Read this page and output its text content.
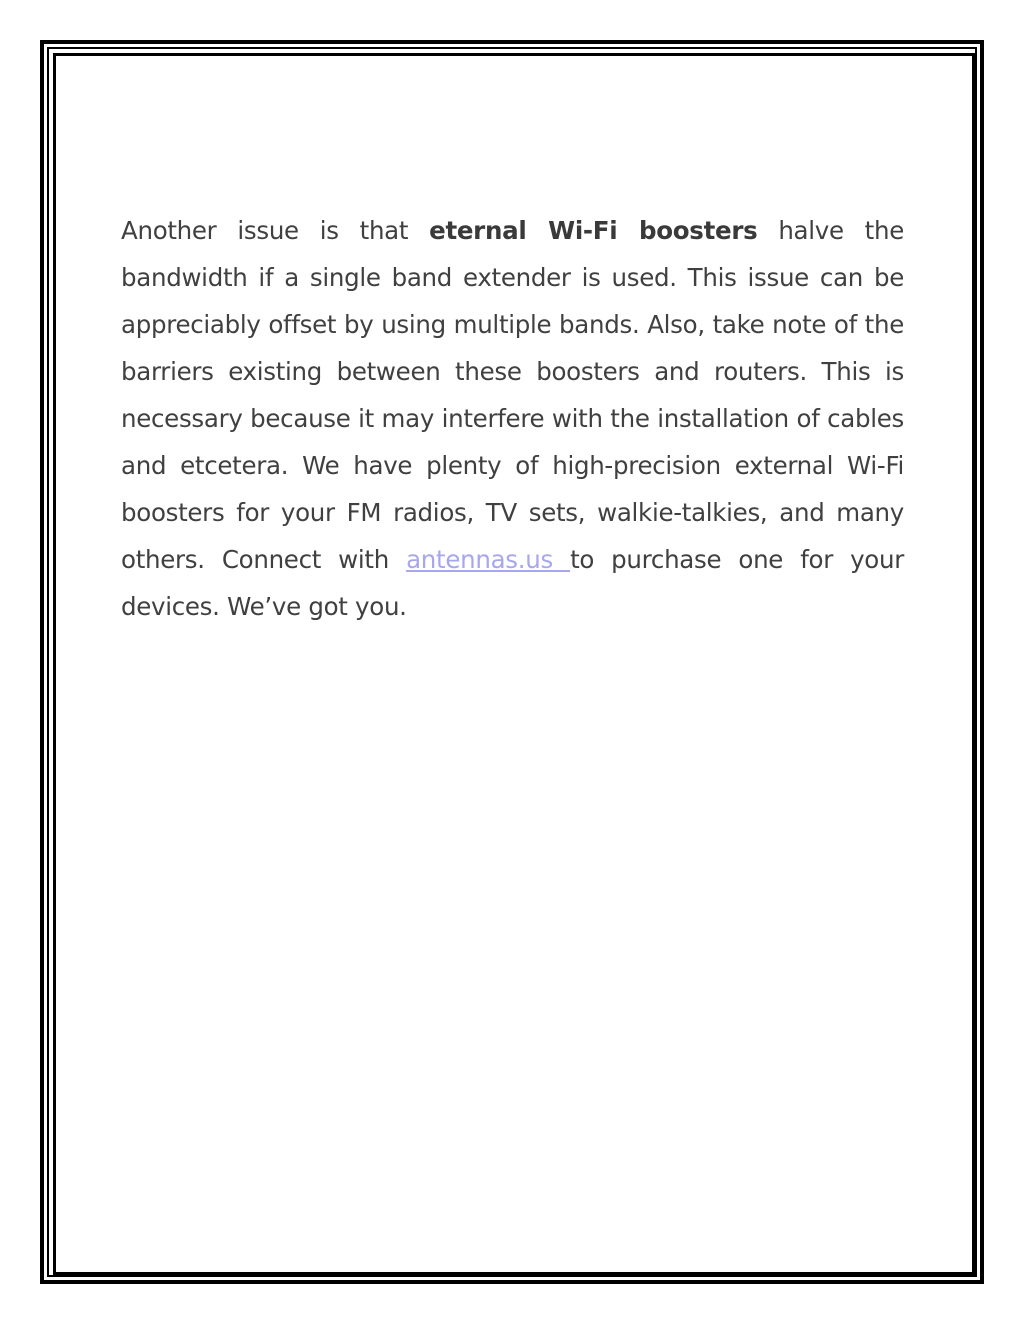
Another issue is that eternal Wi-Fi boosters halve the bandwidth if a single band extender is used. This issue can be appreciably offset by using multiple bands. Also, take note of the barriers existing between these boosters and routers. This is necessary because it may interfere with the installation of cables and etcetera. We have plenty of high-precision external Wi-Fi boosters for your FM radios, TV sets, walkie-talkies, and many others. Connect with antennas.us to purchase one for your devices. We’ve got you.
